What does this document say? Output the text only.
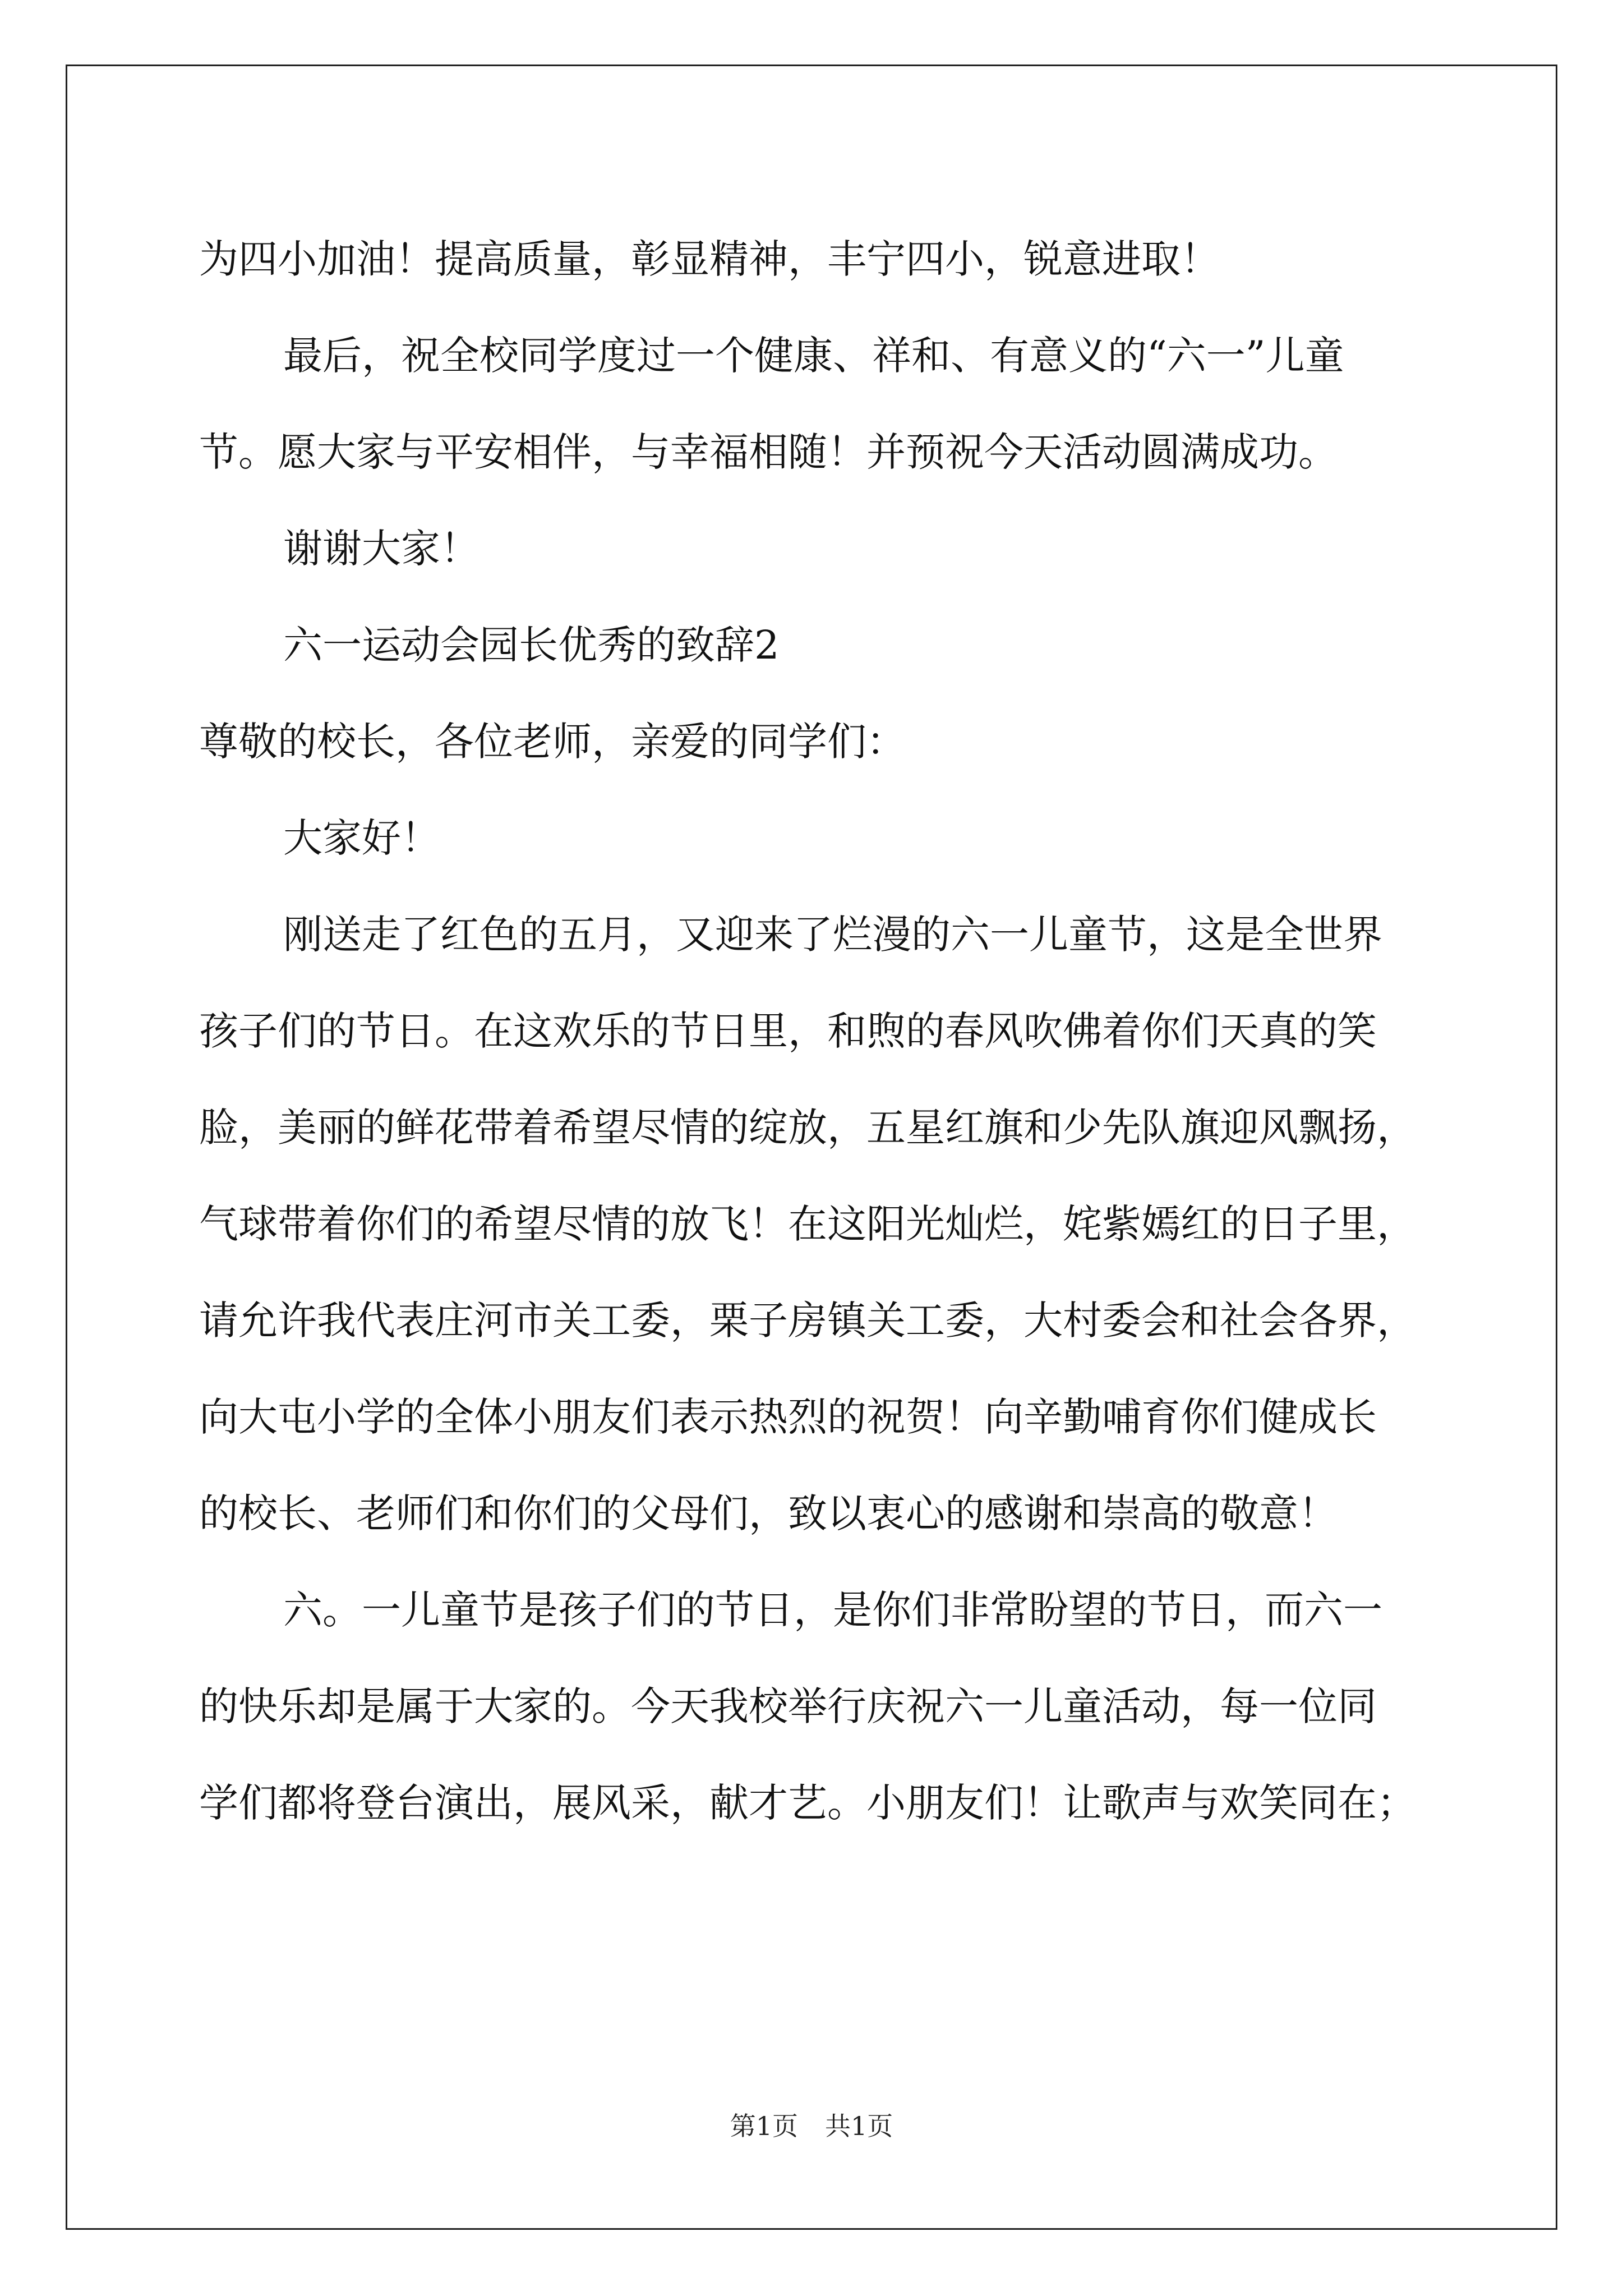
为四小加油！提高质量，彰显精神，丰宁四小，锐意进取！
最后，祝全校同学度过一个健康、祥和、有意义的“六一”儿童
节。愿大家与平安相伴，与幸福相随！并预祝今天活动圆满成功。
谢谢大家！
六一运动会园长优秀的致辞2
尊敬的校长，各位老师，亲爱的同学们：
大家好！
刚送走了红色的五月，又迎来了烂漫的六一儿童节，这是全世界
孩子们的节日。在这欢乐的节日里，和煦的春风吹佛着你们天真的笑
脸，美丽的鲜花带着希望尽情的绽放，五星红旗和少先队旗迎风飘扬，
气球带着你们的希望尽情的放飞！在这阳光灿烂，姹紫嫣红的日子里，
请允许我代表庄河市关工委，栗子房镇关工委，大村委会和社会各界，
向大屯小学的全体小朋友们表示热烈的祝贺！向辛勤哺育你们健成长
的校长、老师们和你们的父母们，致以衷心的感谢和崇高的敬意！
六。一儿童节是孩子们的节日，是你们非常盼望的节日，而六一
的快乐却是属于大家的。今天我校举行庆祝六一儿童活动，每一位同
学们都将登台演出，展风采，献才艺。小朋友们！让歌声与欢笑同在；
第1页 共1页
